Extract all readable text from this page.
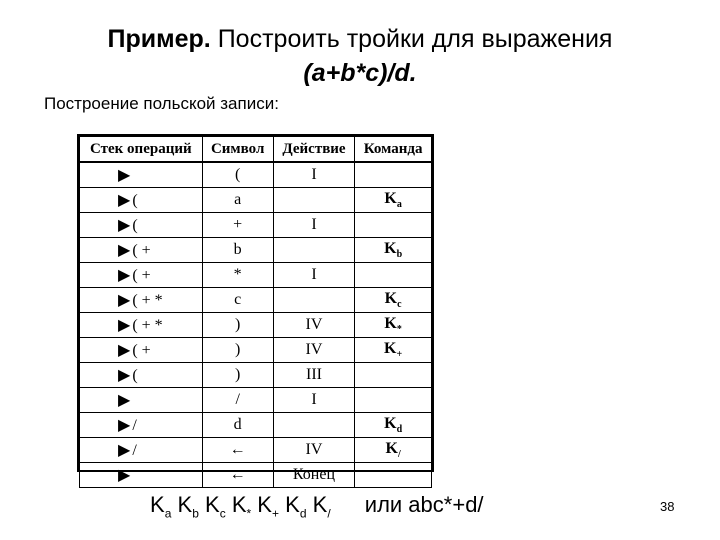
Пример. Построить тройки для выражения
(a+b*c)/d.
Построение польской записи:
Стек операций	Символ	Действие	Команда
▶	(	I	
▶ (	a		$K_a$
▶ (	+	I	
▶ ( +	b		$K_b$
▶ ( +	*	I	
▶ ( + *	c		$K_c$
▶ ( + *	)	IV	$K_*$
▶ ( +	)	IV	$K_+$
▶ (	)	III	
▶	/	I	
▶ /	d		$K_d$
▶ /	←	IV	$K_/$
▶	←	Конец	
$K_a$ $K_b$ $K_c$ $K_*$ $K_+$ $K_d$ $K_/$ или abc*+d/	38
